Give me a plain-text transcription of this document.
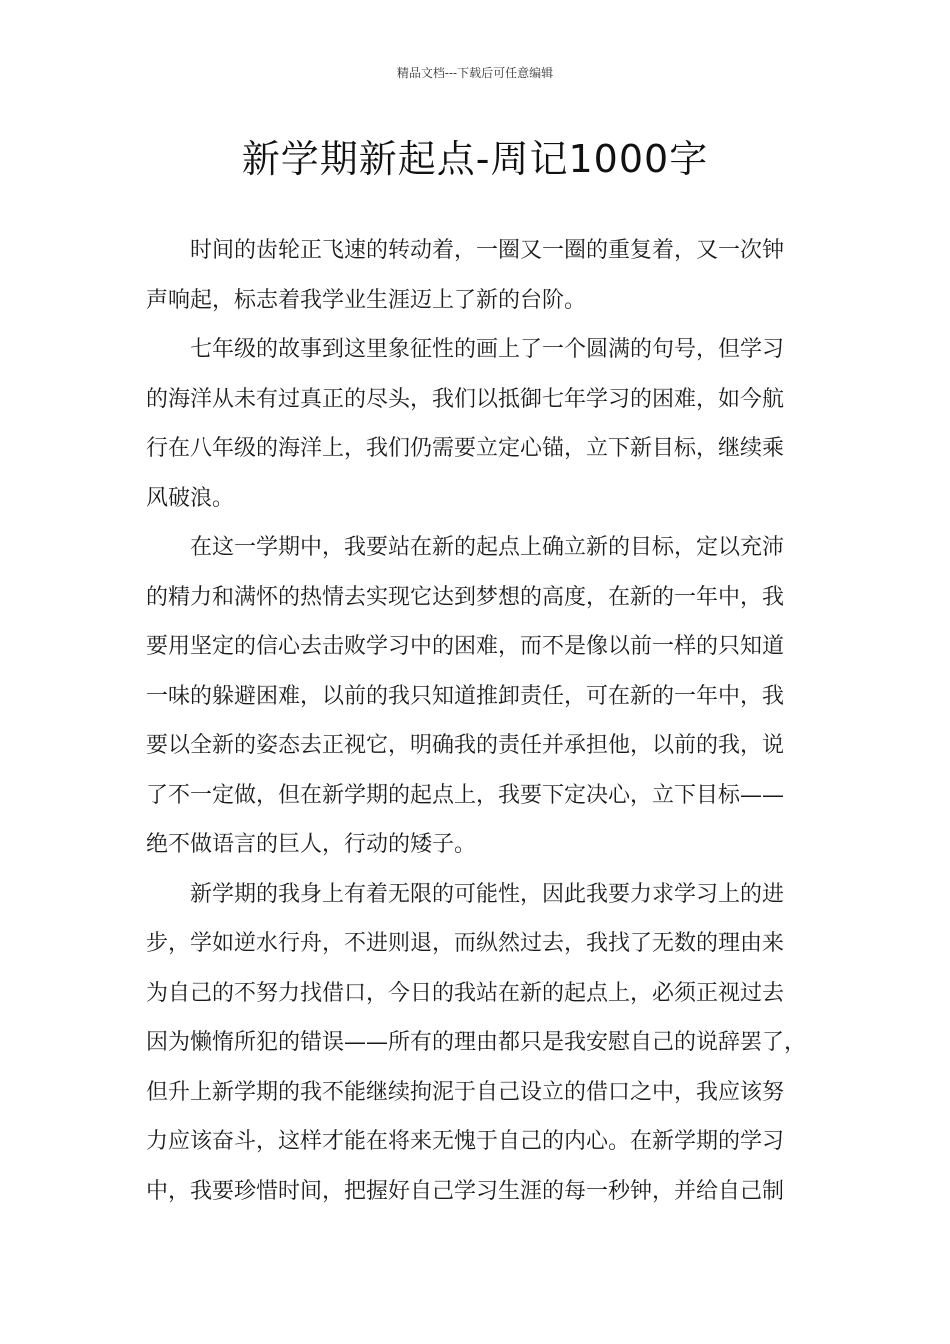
精品文档---下载后可任意编辑
新学期新起点-周记1000字
时间的齿轮正飞速的转动着，一圈又一圈的重复着，又一次钟
声响起，标志着我学业生涯迈上了新的台阶。
七年级的故事到这里象征性的画上了一个圆满的句号，但学习
的海洋从未有过真正的尽头，我们以抵御七年学习的困难，如今航
行在八年级的海洋上，我们仍需要立定心锚，立下新目标，继续乘
风破浪。
在这一学期中，我要站在新的起点上确立新的目标，定以充沛
的精力和满怀的热情去实现它达到梦想的高度，在新的一年中，我
要用坚定的信心去击败学习中的困难，而不是像以前一样的只知道
一味的躲避困难，以前的我只知道推卸责任，可在新的一年中，我
要以全新的姿态去正视它，明确我的责任并承担他，以前的我，说
了不一定做，但在新学期的起点上，我要下定决心，立下目标——
绝不做语言的巨人，行动的矮子。
新学期的我身上有着无限的可能性，因此我要力求学习上的进
步，学如逆水行舟，不进则退，而纵然过去，我找了无数的理由来
为自己的不努力找借口，今日的我站在新的起点上，必须正视过去
因为懒惰所犯的错误——所有的理由都只是我安慰自己的说辞罢了，
但升上新学期的我不能继续拘泥于自己设立的借口之中，我应该努
力应该奋斗，这样才能在将来无愧于自己的内心。在新学期的学习
中，我要珍惜时间，把握好自己学习生涯的每一秒钟，并给自己制
